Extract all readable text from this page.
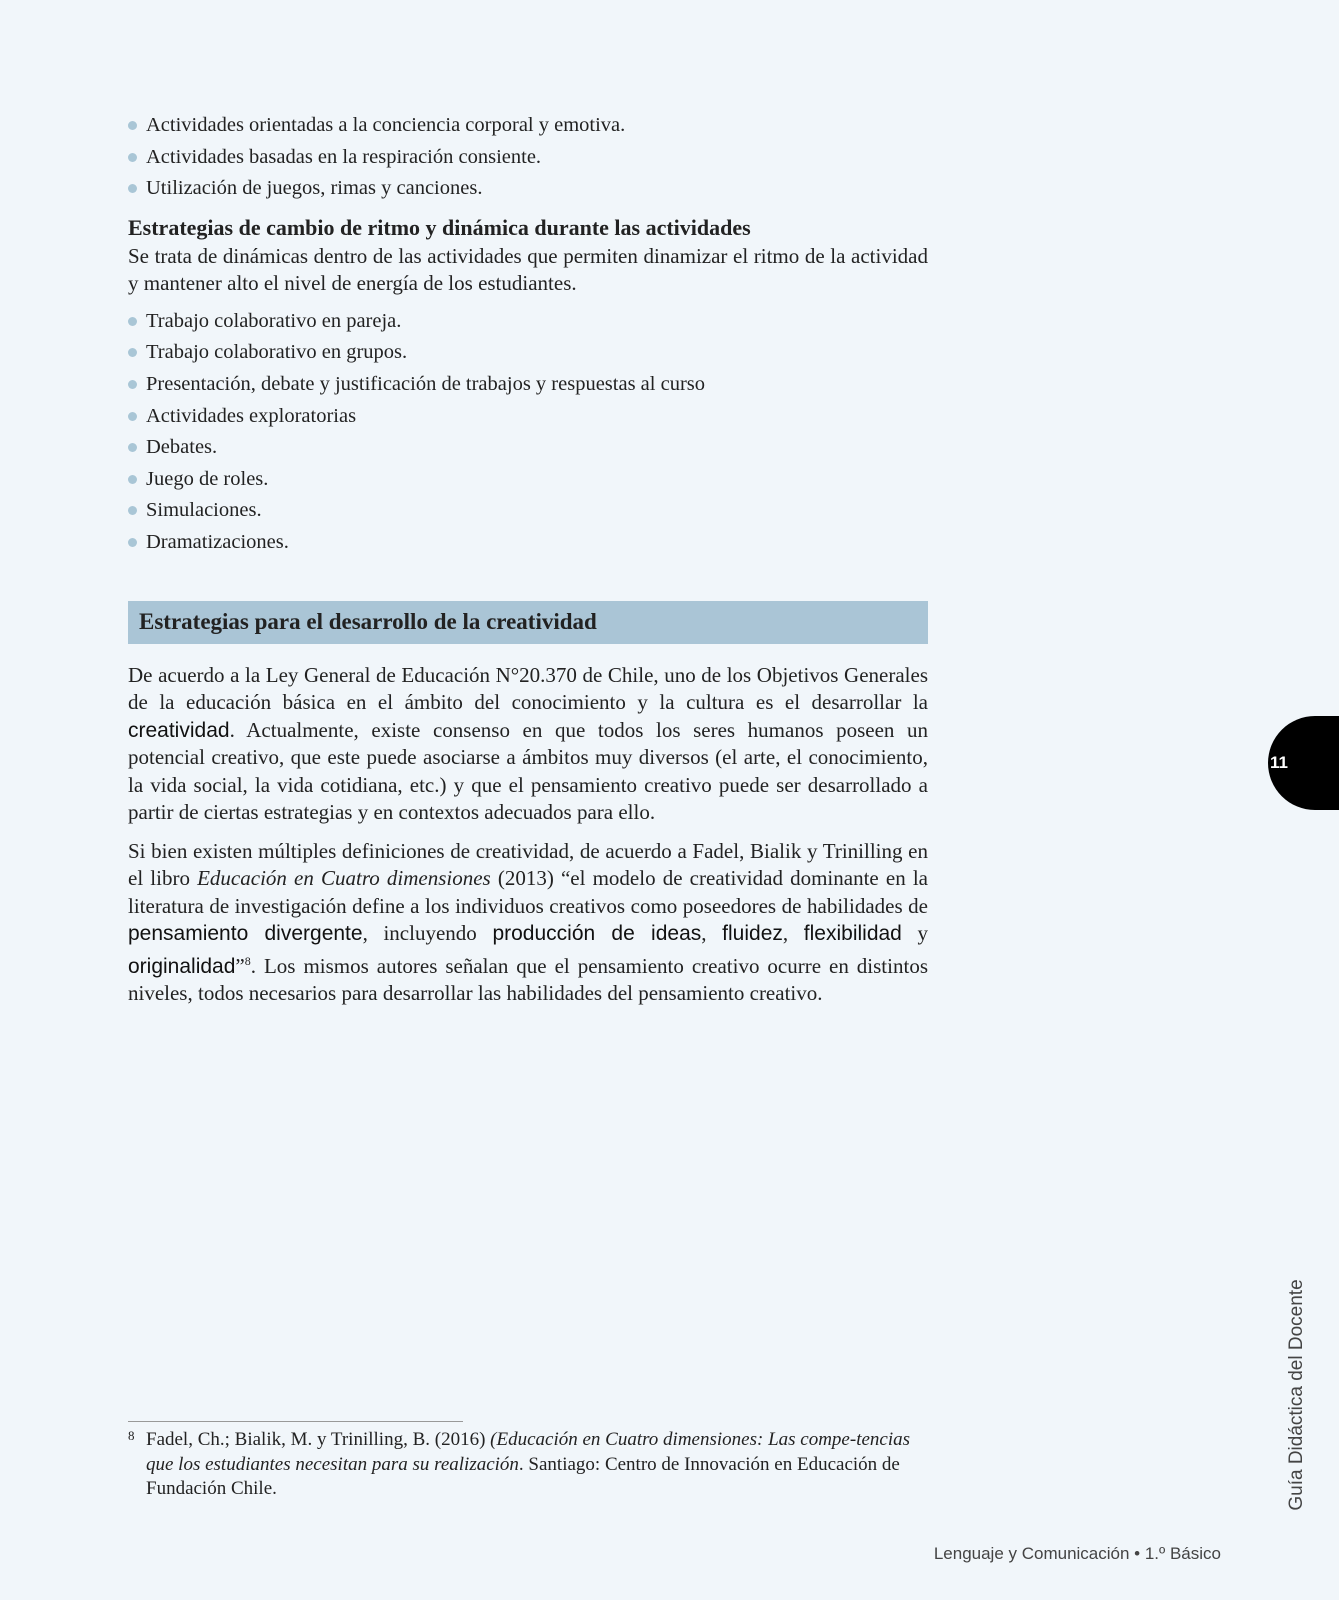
Actividades orientadas a la conciencia corporal y emotiva.
Actividades basadas en la respiración consiente.
Utilización de juegos, rimas y canciones.
Estrategias de cambio de ritmo y dinámica durante las actividades

Se trata de dinámicas dentro de las actividades que permiten dinamizar el ritmo de la actividad y mantener alto el nivel de energía de los estudiantes.

Trabajo colaborativo en pareja.
Trabajo colaborativo en grupos.
Presentación, debate y justificación de trabajos y respuestas al curso
Actividades exploratorias
Debates.
Juego de roles.
Simulaciones.
Dramatizaciones.
Estrategias para el desarrollo de la creatividad

De acuerdo a la Ley General de Educación N°20.370 de Chile, uno de los Objetivos Generales de la educación básica en el ámbito del conocimiento y la cultura es el desarrollar la creatividad. Actualmente, existe consenso en que todos los seres humanos poseen un potencial creativo, que este puede asociarse a ámbitos muy diversos (el arte, el conocimiento, la vida social, la vida cotidiana, etc.) y que el pensamiento creativo puede ser desarrollado a partir de ciertas estrategias y en contextos adecuados para ello.

Si bien existen múltiples definiciones de creatividad, de acuerdo a Fadel, Bialik y Trinilling en el libro Educación en Cuatro dimensiones (2013) “el modelo de creatividad dominante en la literatura de investigación define a los individuos creativos como poseedores de habilidades de pensamiento divergente, incluyendo producción de ideas, fluidez, flexibilidad y originalidad”$^8$. Los mismos autores señalan que el pensamiento creativo ocurre en distintos niveles, todos necesarios para desarrollar las habilidades del pensamiento creativo.

11
Guía Didáctica del Docente
8 Fadel, Ch.; Bialik, M. y Trinilling, B. (2016) (Educación en Cuatro dimensiones: Las compe-tencias que los estudiantes necesitan para su realización. Santiago: Centro de Innovación en Educación de Fundación Chile.
Lenguaje y Comunicación • 1.º Básico
